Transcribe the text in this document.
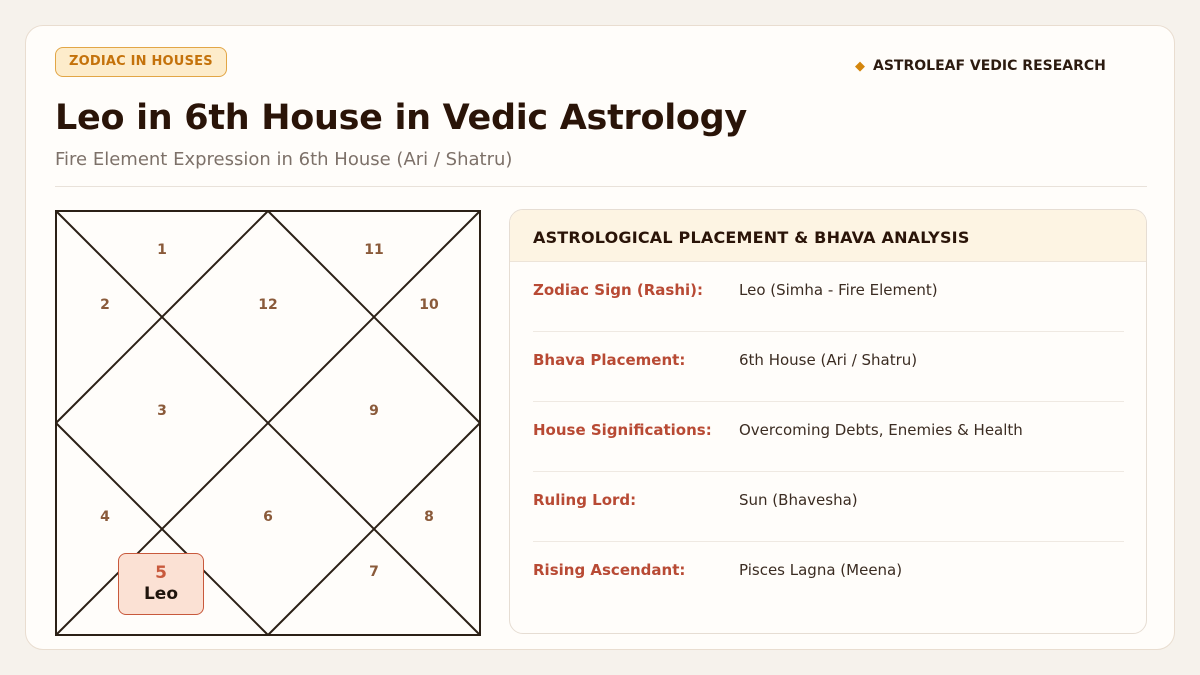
ZODIAC IN HOUSES	◆ ASTROLEAF VEDIC RESEARCH
Leo in 6th House in Vedic Astrology
Fire Element Expression in 6th House (Ari / Shatru)
1
2
3
4	6
7
8
9
10
11
12
5
Leo
ASTROLOGICAL PLACEMENT & BHAVA ANALYSIS
Zodiac Sign (Rashi):	Leo (Simha - Fire Element)
Bhava Placement:	6th House (Ari / Shatru)
House Significations:	Overcoming Debts, Enemies & Health
Ruling Lord:	Sun (Bhavesha)
Rising Ascendant:	Pisces Lagna (Meena)
